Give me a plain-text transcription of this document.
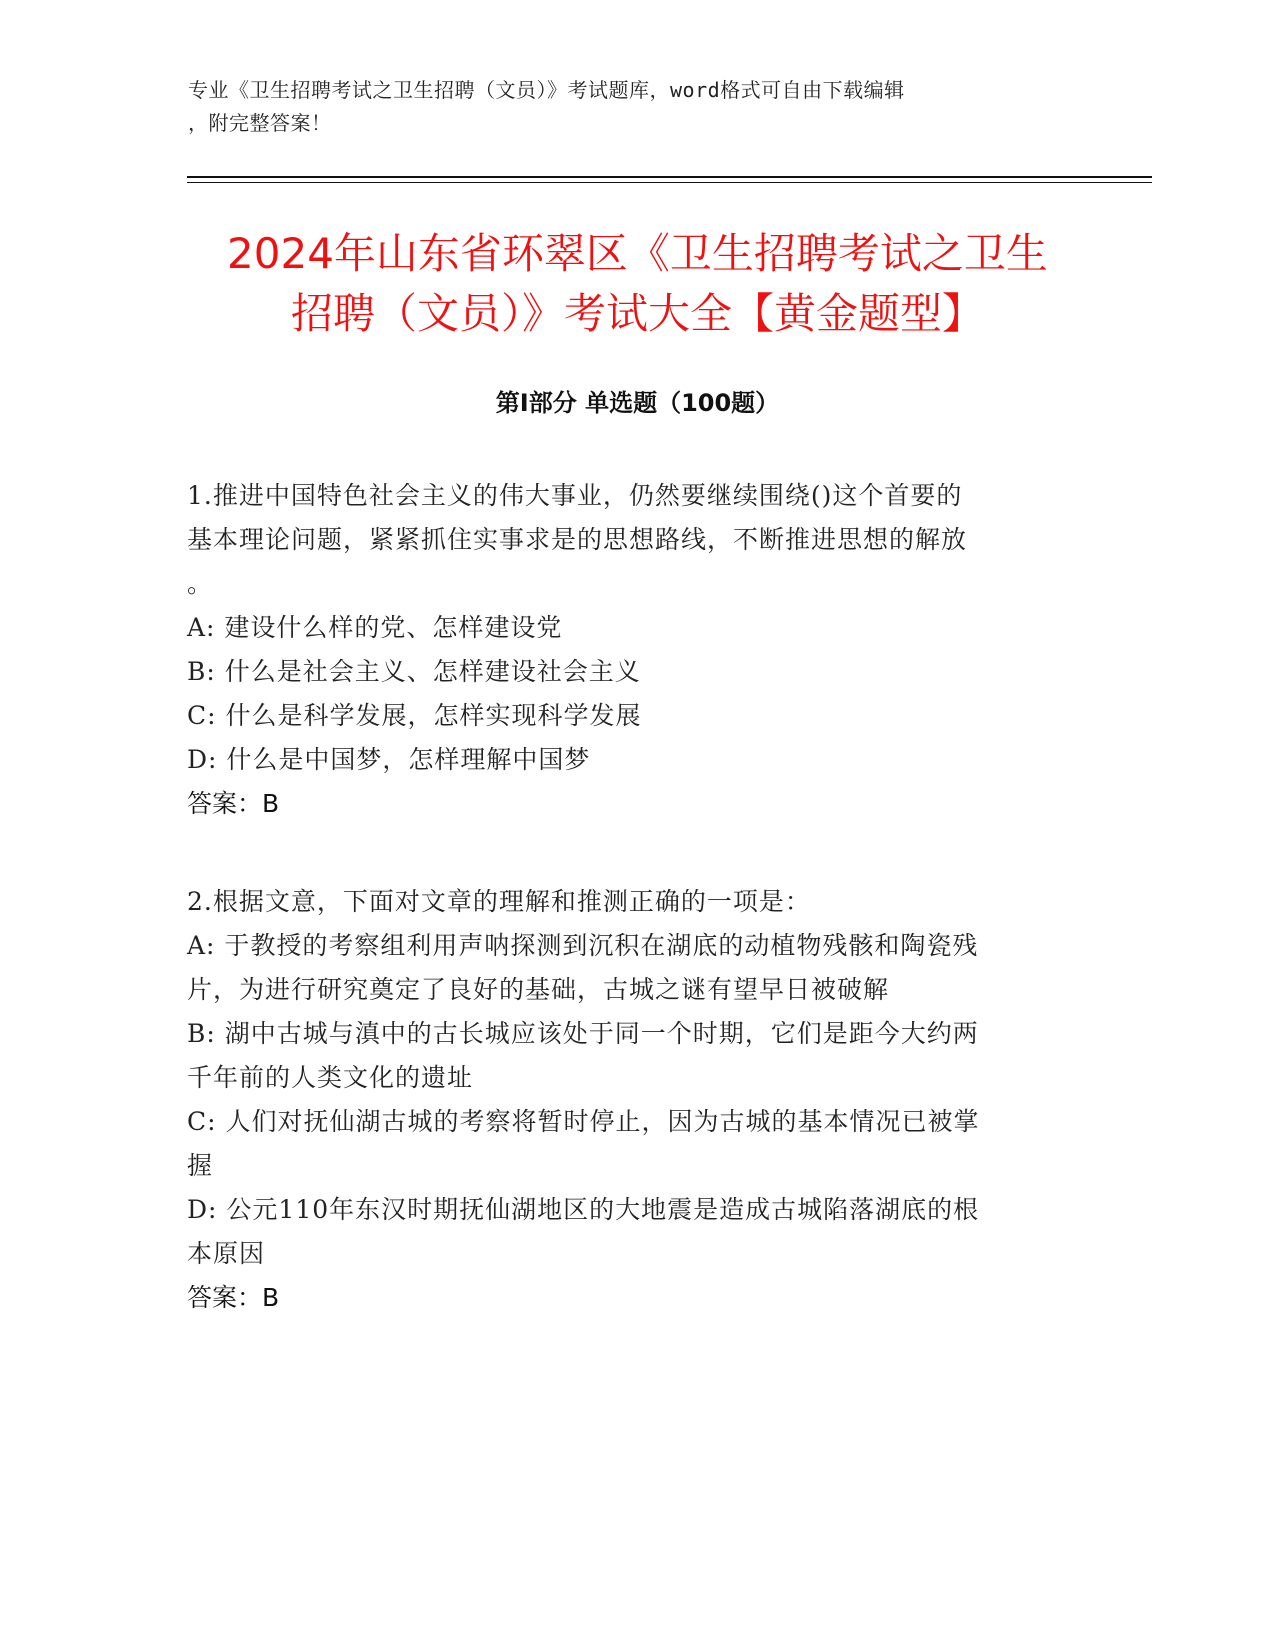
专业《卫生招聘考试之卫生招聘（文员）》考试题库，word格式可自由下载编辑
，附完整答案！
2024年山东省环翠区《卫生招聘考试之卫生
招聘（文员）》考试大全【黄金题型】
第Ⅰ部分 单选题（100题）
1.推进中国特色社会主义的伟大事业，仍然要继续围绕()这个首要的
基本理论问题，紧紧抓住实事求是的思想路线，不断推进思想的解放
。
A: 建设什么样的党、怎样建设党
B: 什么是社会主义、怎样建设社会主义
C: 什么是科学发展，怎样实现科学发展
D: 什么是中国梦，怎样理解中国梦
答案：B
2.根据文意，下面对文章的理解和推测正确的一项是：
A: 于教授的考察组利用声呐探测到沉积在湖底的动植物残骸和陶瓷残
片，为进行研究奠定了良好的基础，古城之谜有望早日被破解
B: 湖中古城与滇中的古长城应该处于同一个时期，它们是距今大约两
千年前的人类文化的遗址
C: 人们对抚仙湖古城的考察将暂时停止，因为古城的基本情况已被掌
握
D: 公元110年东汉时期抚仙湖地区的大地震是造成古城陷落湖底的根
本原因
答案：B
